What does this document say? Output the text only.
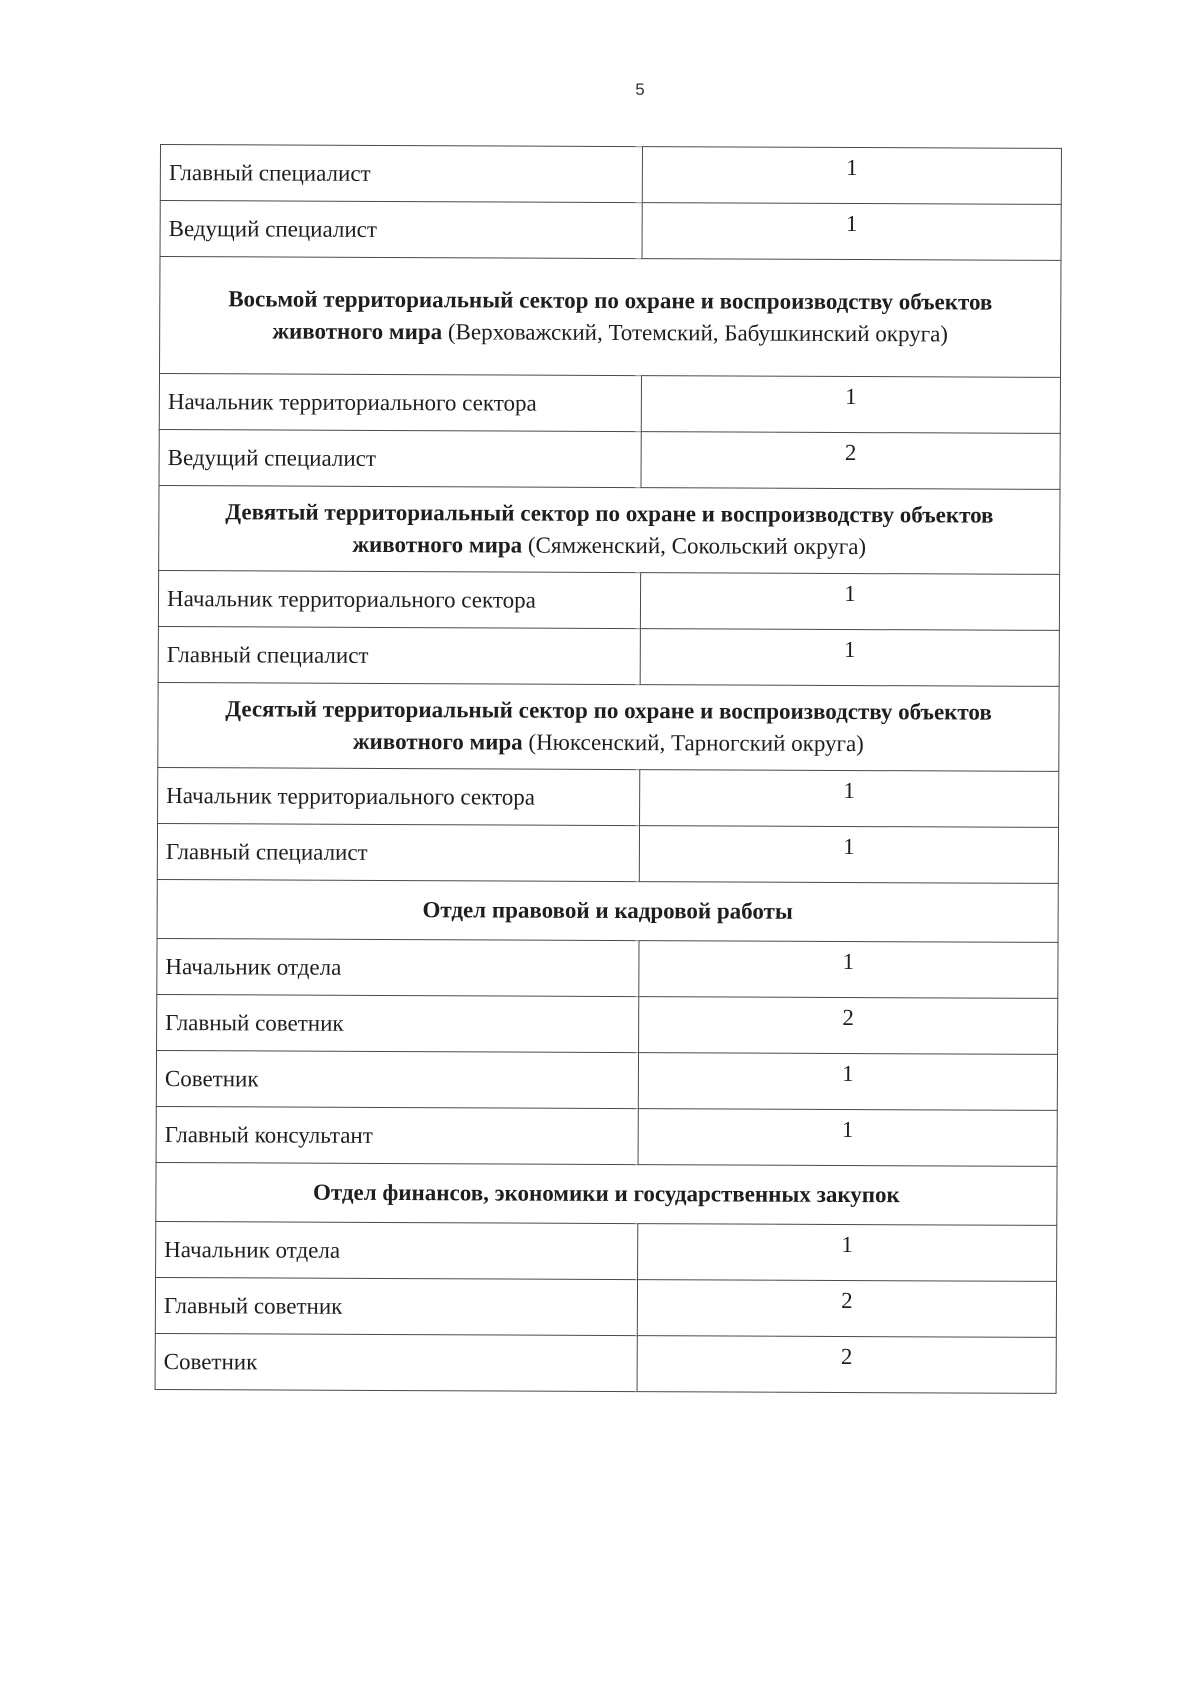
5
Главный специалист	1
Ведущий специалист	1
Восьмой территориальный сектор по охране и воспроизводству объектов животного мира (Верховажский, Тотемский, Бабушкинский округа)	
Начальник территориального сектора	1
Ведущий специалист	2
Девятый территориальный сектор по охране и воспроизводству объектов животного мира (Сямженский, Сокольский округа)	
Начальник территориального сектора	1
Главный специалист	1
Десятый территориальный сектор по охране и воспроизводству объектов животного мира (Нюксенский, Тарногский округа)	
Начальник территориального сектора	1
Главный специалист	1
Отдел правовой и кадровой работы	
Начальник отдела	1
Главный советник	2
Советник	1
Главный консультант	1
Отдел финансов, экономики и государственных закупок	
Начальник отдела	1
Главный советник	2
Советник	2
